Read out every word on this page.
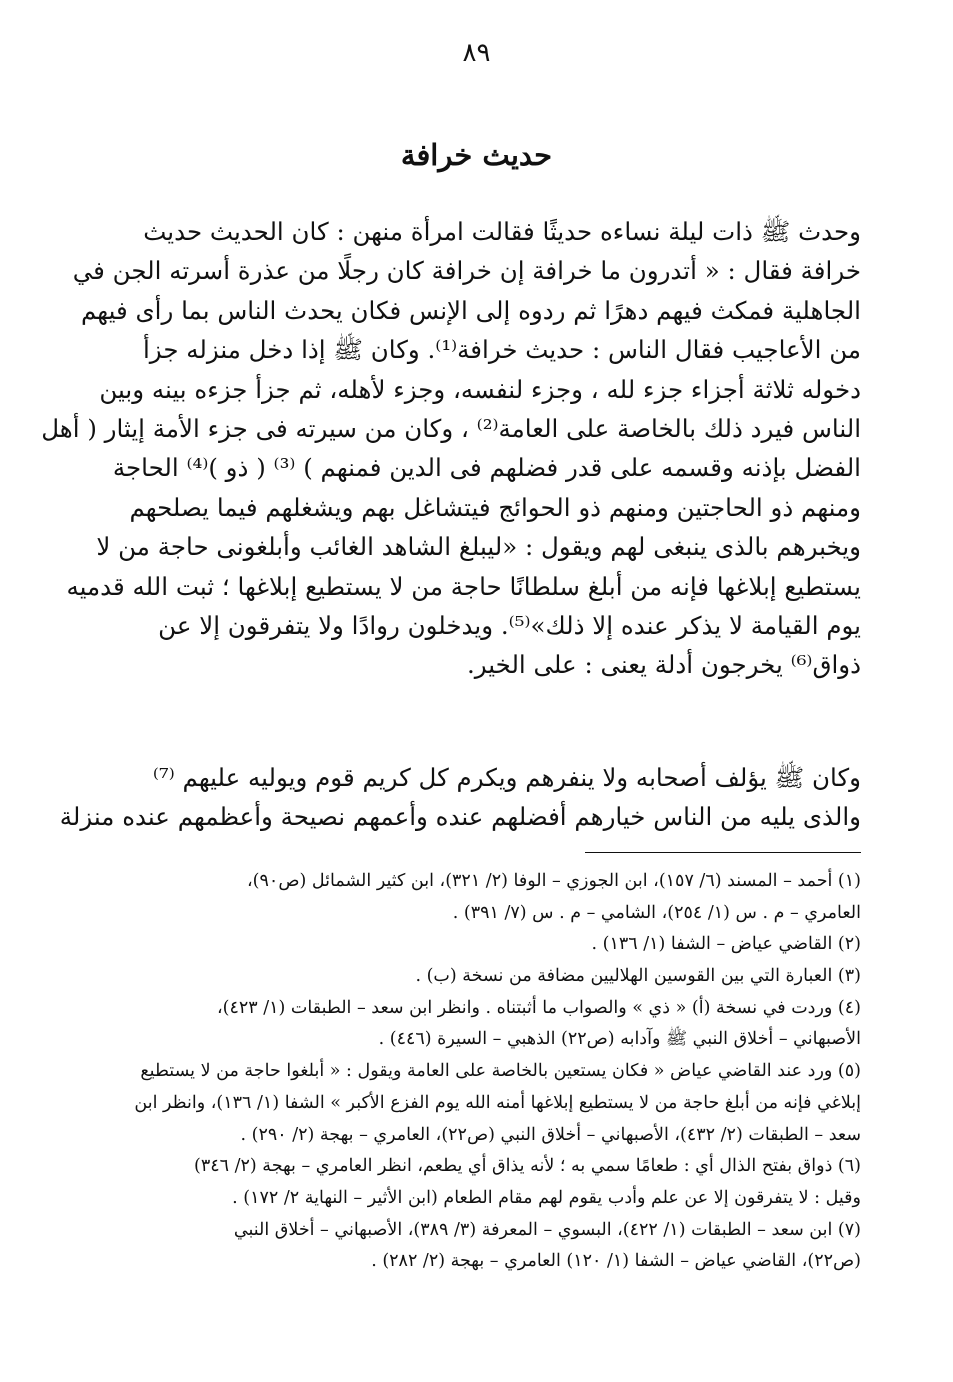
٨٩
حديث خرافة
وحدث ﷺ ذات ليلة نساءه حديثًا فقالت امرأة منهن : كان الحديث حديث
خرافة فقال : « أتدرون ما خرافة إن خرافة كان رجلًا من عذرة أسرته الجن في
الجاهلية فمكث فيهم دهرًا ثم ردوه إلى الإنس فكان يحدث الناس بما رأى فيهم
من الأعاجيب فقال الناس : حديث خرافة⁽¹⁾. وكان ﷺ إذا دخل منزله جزأ
دخوله ثلاثة أجزاء جزء لله ، وجزء لنفسه، وجزء لأهله، ثم جزأ جزءه بينه وبين
الناس فيرد ذلك بالخاصة على العامة⁽²⁾ ، وكان من سيرته فى جزء الأمة إيثار ( أهل
الفضل بإذنه وقسمه على قدر فضلهم فى الدين فمنهم ) ⁽³⁾ ( ذو )⁽⁴⁾ الحاجة
ومنهم ذو الحاجتين ومنهم ذو الحوائج فيتشاغل بهم ويشغلهم فيما يصلحهم
ويخبرهم بالذى ينبغى لهم ويقول : «ليبلغ الشاهد الغائب وأبلغونى حاجة من لا
يستطيع إبلاغها فإنه من أبلغ سلطانًا حاجة من لا يستطيع إبلاغها ؛ ثبت الله قدميه
يوم القيامة لا يذكر عنده إلا ذلك»⁽⁵⁾. ويدخلون روادًا ولا يتفرقون إلا عن
ذواق⁽⁶⁾ يخرجون أدلة يعنى : على الخير.
وكان ﷺ يؤلف أصحابه ولا ينفرهم ويكرم كل كريم قوم ويوليه عليهم ⁽⁷⁾
والذى يليه من الناس خيارهم أفضلهم عنده وأعمهم نصيحة وأعظمهم عنده منزلة
(١) أحمد – المسند (٦/ ١٥٧)، ابن الجوزي – الوفا (٢/ ٣٢١)، ابن كثير الشمائل (ص٩٠)،
العامري – م . س (١/ ٢٥٤)، الشامي – م . س (٧/ ٣٩١) .
(٢) القاضي عياض – الشفا (١/ ١٣٦) .
(٣) العبارة التي بين القوسين الهلاليين مضافة من نسخة (ب) .
(٤) وردت في نسخة (أ) « ذي » والصواب ما أثبتناه . وانظر ابن سعد – الطبقات (١/ ٤٢٣)،
الأصبهاني – أخلاق النبي ﷺ وآدابه (ص٢٢) الذهبي – السيرة (٤٤٦) .
(٥) ورد عند القاضي عياض « فكان يستعين بالخاصة على العامة ويقول : « أبلغوا حاجة من لا يستطيع
إبلاغي فإنه من أبلغ حاجة من لا يستطيع إبلاغها أمنه الله يوم الفزع الأكبر » الشفا (١/ ١٣٦)، وانظر ابن
سعد – الطبقات (٢/ ٤٣٢)، الأصبهاني – أخلاق النبي (ص٢٢)، العامري – بهجة (٢/ ٢٩٠) .
(٦) ذواق بفتح الذال أي : طعامًا سمي به ؛ لأنه يذاق أي يطعم، انظر العامري – بهجة (٢/ ٣٤٦)
وقيل : لا يتفرقون إلا عن علم وأدب يقوم لهم مقام الطعام (ابن الأثير – النهاية ٢/ ١٧٢) .
(٧) ابن سعد – الطبقات (١/ ٤٢٢)، البسوي – المعرفة (٣/ ٣٨٩)، الأصبهاني – أخلاق النبي
(ص٢٢)، القاضي عياض – الشفا (١/ ١٢٠) العامري – بهجة (٢/ ٢٨٢) .
